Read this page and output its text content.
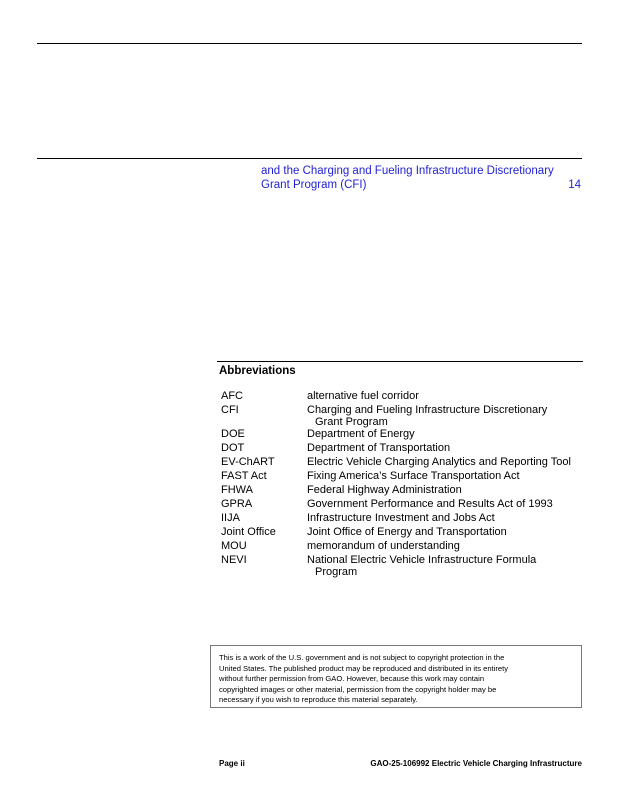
and the Charging and Fueling Infrastructure Discretionary
Grant Program (CFI)	14
Abbreviations
AFC	alternative fuel corridor
CFI	Charging and Fueling Infrastructure Discretionary
Grant Program
DOE	Department of Energy
DOT	Department of Transportation
EV-ChART	Electric Vehicle Charging Analytics and Reporting Tool
FAST Act	Fixing America’s Surface Transportation Act
FHWA	Federal Highway Administration
GPRA	Government Performance and Results Act of 1993
IIJA	Infrastructure Investment and Jobs Act
Joint Office	Joint Office of Energy and Transportation
MOU	memorandum of understanding
NEVI	National Electric Vehicle Infrastructure Formula
Program
This is a work of the U.S. government and is not subject to copyright protection in the
United States. The published product may be reproduced and distributed in its entirety
without further permission from GAO. However, because this work may contain
copyrighted images or other material, permission from the copyright holder may be
necessary if you wish to reproduce this material separately.
Page ii	GAO-25-106992 Electric Vehicle Charging Infrastructure
